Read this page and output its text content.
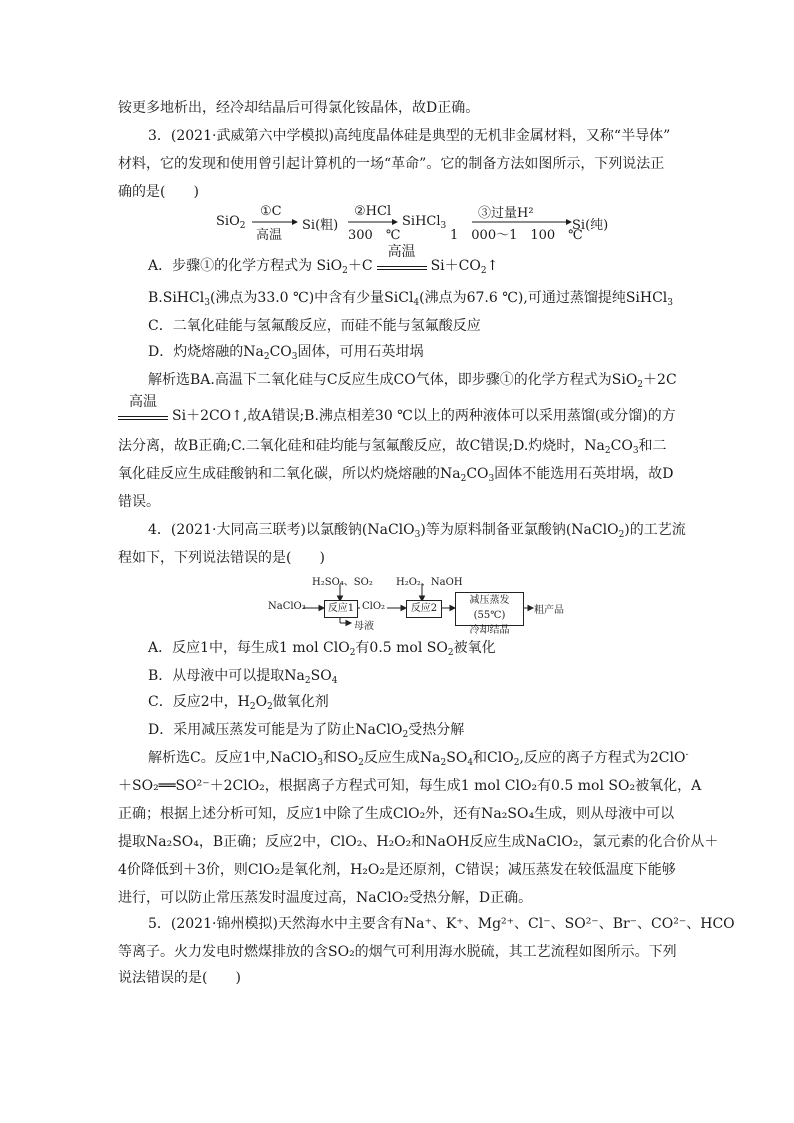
铵更多地析出，经冷却结晶后可得氯化铵晶体，故D正确。
3．(2021·武威第六中学模拟)高纯度晶体硅是典型的无机非金属材料，又称“半导体”
材料，它的发现和使用曾引起计算机的一场“革命”。它的制备方法如图所示，下列说法正
确的是(　　)
SiO$_2$
①C
高温
Si(粗)
②HCl
300　℃
SiHCl$_3$
③过量H²
1　000～1　100　℃
Si(纯)
A．步骤①的化学方程式为 SiO$_2$＋C
高温
$Si+CO_2↑$
B.SiHCl$_3$(沸点为33.0 ℃)中含有少量SiCl$_4$(沸点为67.6 ℃),可通过蒸馏提纯SiHCl$_3$
C．二氧化硅能与氢氟酸反应，而硅不能与氢氟酸反应
D．灼烧熔融的$Na_2CO_3$固体，可用石英坩埚
解析选BA.高温下二氧化硅与C反应生成CO气体，即步骤①的化学方程式为SiO$_2$＋2C
高温
Si＋2CO↑,故A错误;B.沸点相差30 ℃以上的两种液体可以采用蒸馏(或分馏)的方
法分离，故B正确;C.二氧化硅和硅均能与氢氟酸反应，故C错误;D.灼烧时，$Na_2CO_3$和二
氧化硅反应生成硅酸钠和二氧化碳，所以灼烧熔融的$Na_2CO_3$固体不能选用石英坩埚，故D
错误。
4．(2021·大同高三联考)以氯酸钠(NaClO$_3$)等为原料制备亚氯酸钠(NaClO$_2$)的工艺流
程如下，下列说法错误的是(　　)
H₂SO₄、SO₂
NaClO₃	反应1 ClO₂
母液
H₂O₂、NaOH
反应2
减压蒸发(55℃)
冷却结晶
粗产品
A．反应1中，每生成1 mol ClO$_2$有0.5 mol $SO_2$被氧化
B．从母液中可以提取$Na_2SO_4$
C．反应2中，$H_2O_2$做氧化剂
D．采用减压蒸发可能是为了防止NaClO$_2$受热分解
解析选C。反应1中,NaClO$_3$和$SO_2$反应生成$Na_2SO_4$和ClO$_2$,反应的离子方程式为2ClO-
＋SO₂══SO²⁻＋2ClO₂，根据离子方程式可知，每生成1 mol ClO₂有0.5 mol SO₂被氧化，A
正确；根据上述分析可知，反应1中除了生成ClO₂外，还有Na₂SO₄生成，则从母液中可以
提取Na₂SO₄，B正确；反应2中，ClO₂、H₂O₂和NaOH反应生成NaClO₂，氯元素的化合价从＋
4价降低到＋3价，则ClO₂是氧化剂，H₂O₂是还原剂，C错误；减压蒸发在较低温度下能够
进行，可以防止常压蒸发时温度过高，NaClO₂受热分解，D正确。
5．(2021·锦州模拟)天然海水中主要含有Na⁺、K⁺、Mg²⁺、Cl⁻、SO²⁻、Br⁻、CO²⁻、HCO
等离子。火力发电时燃煤排放的含SO₂的烟气可利用海水脱硫，其工艺流程如图所示。下列
说法错误的是(　　)
